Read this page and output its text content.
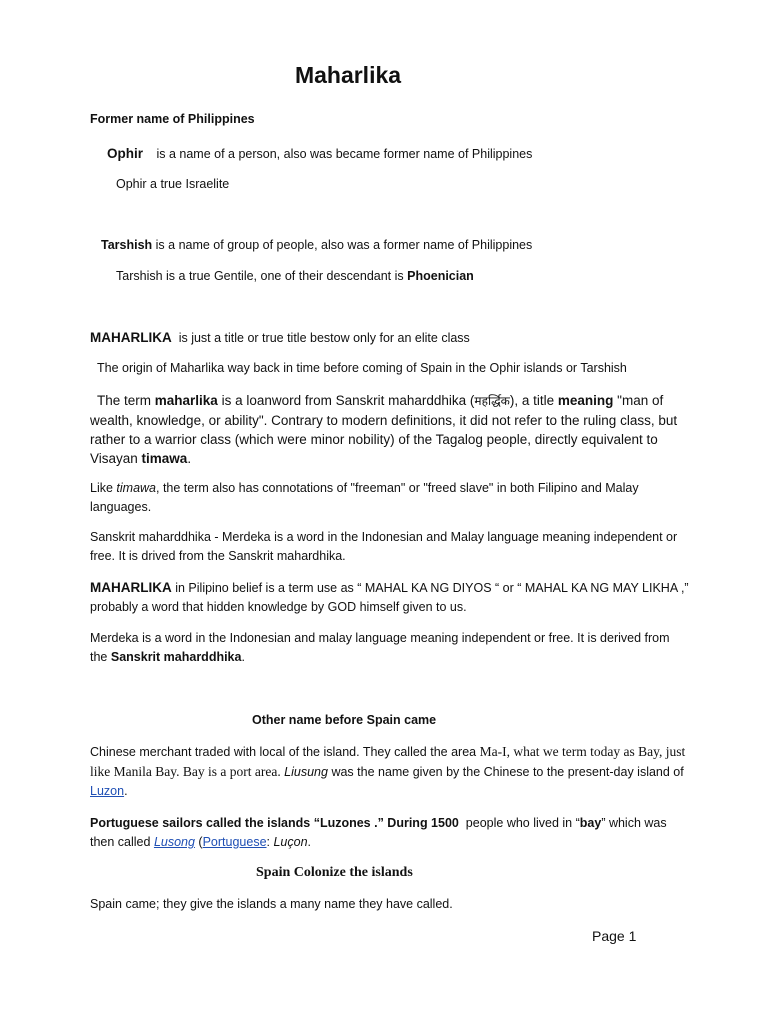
Maharlika

Former name of Philippines

Ophir is a name of a person, also was became former name of Philippines

Ophir a true Israelite

Tarshish is a name of group of people, also was a former name of Philippines

Tarshish is a true Gentile, one of their descendant is Phoenician

MAHARLIKA  is just a title or true title bestow only for an elite class

The origin of Maharlika way back in time before coming of Spain in the Ophir islands or Tarshish

The term maharlika is a loanword from Sanskrit maharddhika (महर्द्धिक), a title meaning "man of wealth, knowledge, or ability". Contrary to modern definitions, it did not refer to the ruling class, but rather to a warrior class (which were minor nobility) of the Tagalog people, directly equivalent to Visayan timawa.

Like timawa, the term also has connotations of "freeman" or "freed slave" in both Filipino and Malay languages.

Sanskrit maharddhika - Merdeka is a word in the Indonesian and Malay language meaning independent or free. It is drived from the Sanskrit mahardhika.

MAHARLIKA in Pilipino belief is a term use as “ MAHAL KA NG DIYOS “ or “ MAHAL KA NG MAY LIKHA ,” probably a word that hidden knowledge by GOD himself given to us.

Merdeka is a word in the Indonesian and malay language meaning independent or free. It is derived from the Sanskrit maharddhika.

Other name before Spain came

Chinese merchant traded with local of the island. They called the area Ma-I, what we term today as Bay, just like Manila Bay. Bay is a port area. Liusung was the name given by the Chinese to the present-day island of Luzon.

Portuguese sailors called the islands “Luzones .” During 1500  people who lived in “bay” which was then called Lusong (Portuguese: Luçon.

Spain Colonize the islands

Spain came; they give the islands a many name they have called.

Page 1
